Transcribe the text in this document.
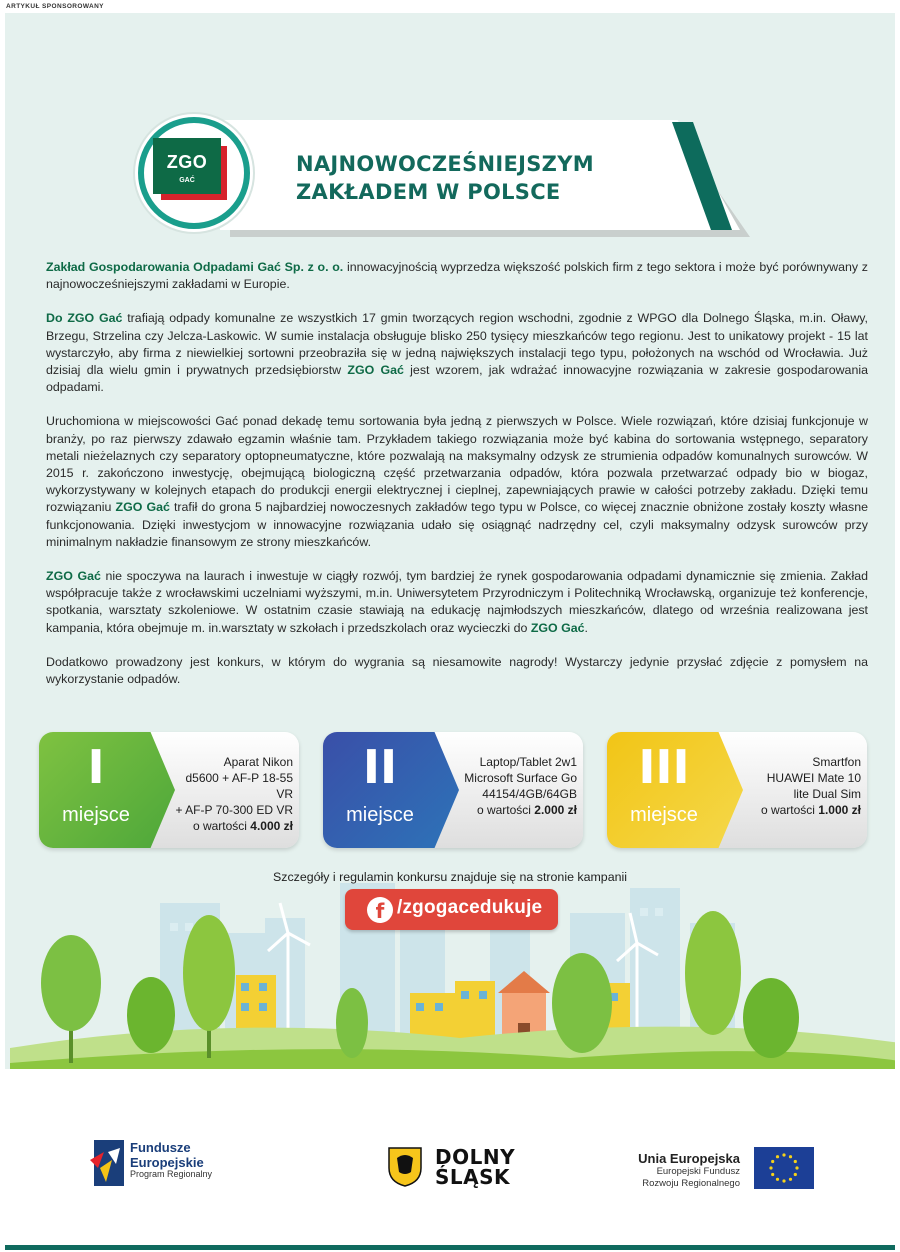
ARTYKUŁ SPONSOROWANY
NAJNOWOCZEŚNIEJSZYM
ZAKŁADEM W POLSCE
ZGO
GAĆ

Zakład Gospodarowania Odpadami Gać Sp. z o. o. innowacyjnością wyprzedza większość polskich firm z tego sektora i może być porównywany z najnowocześniejszymi zakładami w Europie.

Do ZGO Gać trafiają odpady komunalne ze wszystkich 17 gmin tworzących region wschodni, zgodnie z WPGO dla Dolnego Śląska, m.in. Oławy, Brzegu, Strzelina czy Jelcza-Laskowic. W sumie instalacja obsługuje blisko 250 tysięcy mieszkańców tego regionu. Jest to unikatowy projekt - 15 lat wystarczyło, aby firma z niewielkiej sortowni przeobraziła się w jedną największych instalacji tego typu, położonych na wschód od Wrocławia. Już dzisiaj dla wielu gmin i prywatnych przedsiębiorstw ZGO Gać jest wzorem, jak wdrażać innowacyjne rozwiązania w zakresie gospodarowania odpadami.

Uruchomiona w miejscowości Gać ponad dekadę temu sortowania była jedną z pierwszych w Polsce. Wiele rozwiązań, które dzisiaj funkcjonuje w branży, po raz pierwszy zdawało egzamin właśnie tam. Przykładem takiego rozwiązania może być kabina do sortowania wstępnego, separatory metali nieżelaznych czy separatory optopneumatyczne, które pozwalają na maksymalny odzysk ze strumienia odpadów komunalnych surowców. W 2015 r. zakończono inwestycję, obejmującą biologiczną część przetwarzania odpadów, która pozwala przetwarzać odpady bio w biogaz, wykorzystywany w kolejnych etapach do produkcji energii elektrycznej i cieplnej, zapewniających prawie w całości potrzeby zakładu. Dzięki temu rozwiązaniu ZGO Gać trafił do grona 5 najbardziej nowoczesnych zakładów tego typu w Polsce, co więcej znacznie obniżone zostały koszty własne funkcjonowania. Dzięki inwestycjom w innowacyjne rozwiązania udało się osiągnąć nadrzędny cel, czyli maksymalny odzysk surowców przy minimalnym nakładzie finansowym ze strony mieszkańców.

ZGO Gać nie spoczywa na laurach i inwestuje w ciągły rozwój, tym bardziej że rynek gospodarowania odpadami dynamicznie się zmienia. Zakład współpracuje także z wrocławskimi uczelniami wyższymi, m.in. Uniwersytetem Przyrodniczym i Politechniką Wrocławską, organizuje też konferencje, spotkania, warsztaty szkoleniowe. W ostatnim czasie stawiają na edukację najmłodszych mieszkańców, dlatego od września realizowana jest kampania, która obejmuje m. in.warsztaty w szkołach i przedszkolach oraz wycieczki do ZGO Gać.

Dodatkowo prowadzony jest konkurs, w którym do wygrania są niesamowite nagrody! Wystarczy jedynie przysłać zdjęcie z pomysłem na wykorzystanie odpadów.

I
miejsce
Aparat Nikon
d5600 + AF-P 18-55 VR
+ AF-P 70-300 ED VR
o wartości 4.000 zł
II
miejsce
Laptop/Tablet 2w1
Microsoft Surface Go
44154/4GB/64GB
o wartości 2.000 zł
III
miejsce
Smartfon
HUAWEI Mate 10
lite Dual Sim
o wartości 1.000 zł
Szczegóły i regulamin konkursu znajduje się na stronie kampanii
f /zgogacedukuje
Fundusze
Europejskie
Program Regionalny
DOLNY
ŚLĄSK
Unia Europejska
Europejski Fundusz
Rozwoju Regionalnego
